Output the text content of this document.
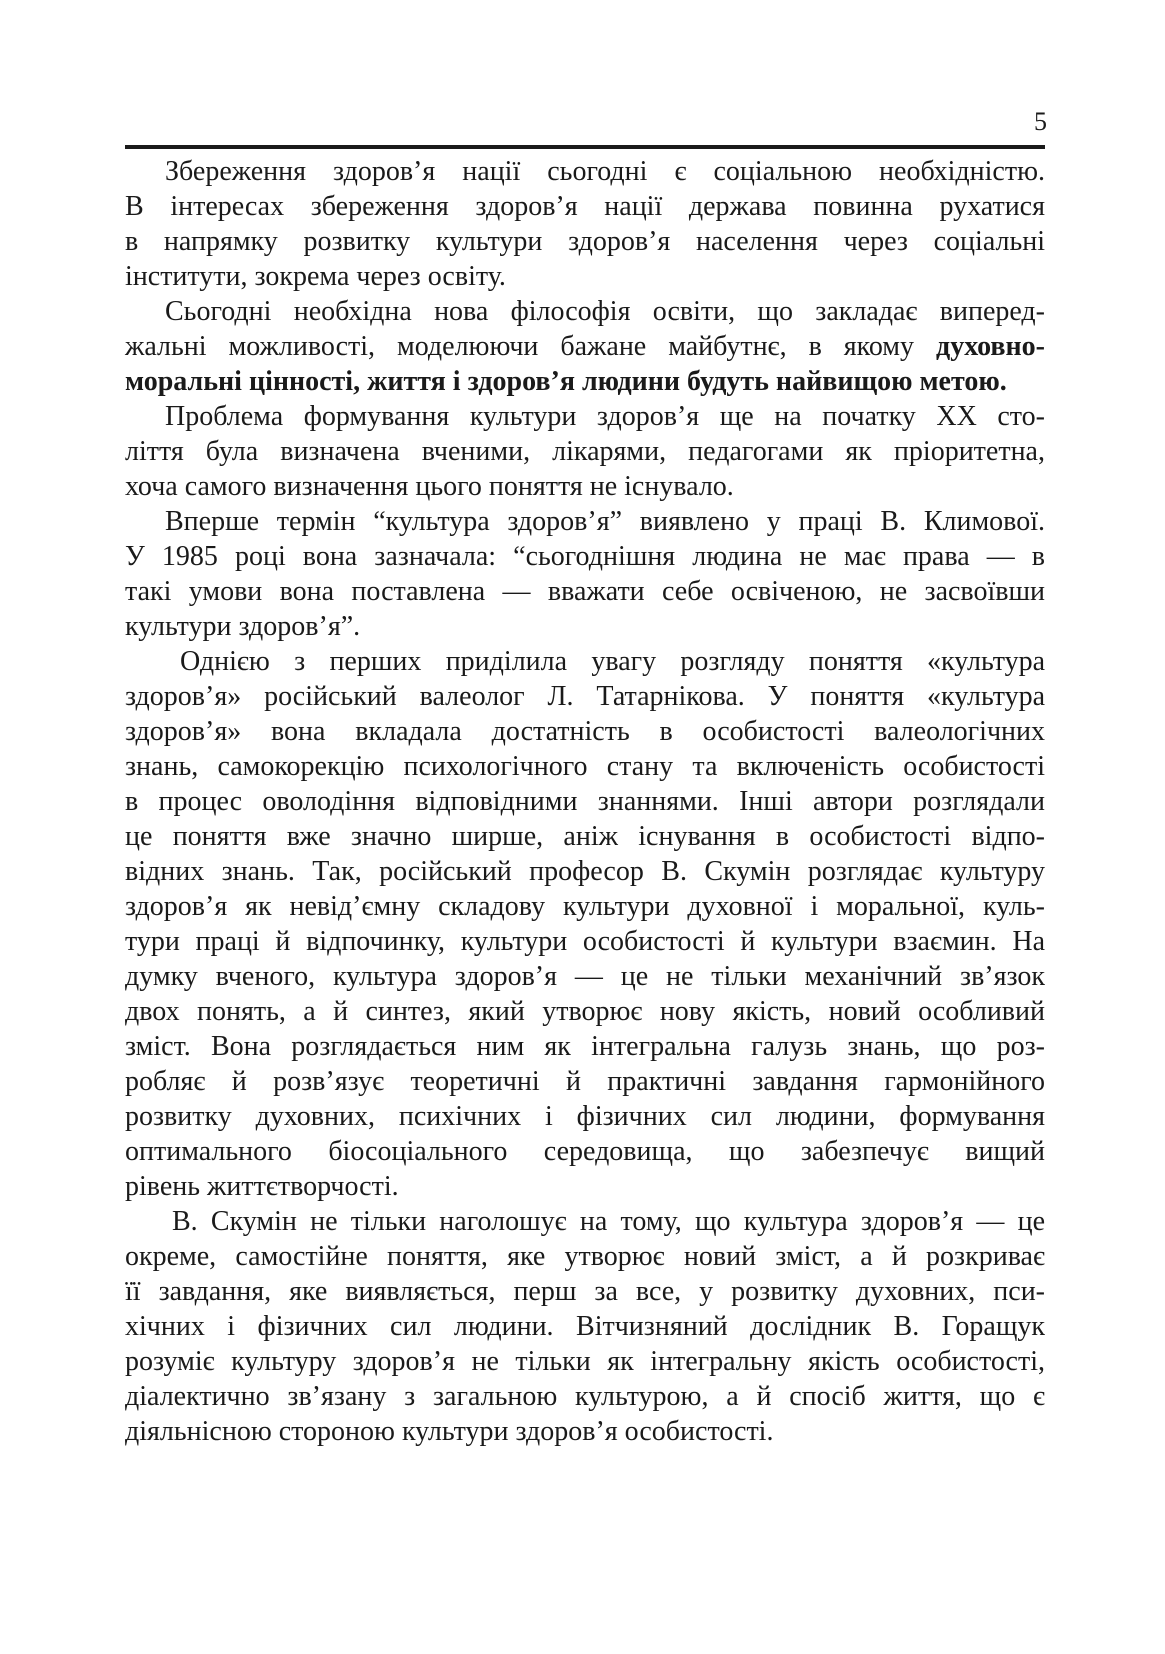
5
Збереження здоров’я нації сьогодні є соціальною необхідністю.
В інтересах збереження здоров’я нації держава повинна рухатися
в напрямку розвитку культури здоров’я населення через соціальні
інститути, зокрема через освіту.
Сьогодні необхідна нова філософія освіти, що закладає виперед-
жальні можливості, моделюючи бажане майбутнє, в якому духовно-
моральні цінності, життя і здоров’я людини будуть найвищою метою.
Проблема формування культури здоров’я ще на початку ХХ сто-
ліття була визначена вченими, лікарями, педагогами як пріоритетна,
хоча самого визначення цього поняття не існувало.
Вперше термін “культура здоров’я” виявлено у праці В. Климової.
У 1985 році вона зазначала: “сьогоднішня людина не має права — в
такі умови вона поставлена — вважати себе освіченою, не засвоївши
культури здоров’я”.
Однією з перших приділила увагу розгляду поняття «культура
здоров’я» російський валеолог Л. Татарнікова. У поняття «культура
здоров’я» вона вкладала достатність в особистості валеологічних
знань, самокорекцію психологічного стану та включеність особистості
в процес оволодіння відповідними знаннями. Інші автори розглядали
це поняття вже значно ширше, аніж існування в особистості відпо-
відних знань. Так, російський професор В. Скумін розглядає культуру
здоров’я як невід’ємну складову культури духовної і моральної, куль-
тури праці й відпочинку, культури особистості й культури взаємин. На
думку вченого, культура здоров’я — це не тільки механічний зв’язок
двох понять, а й синтез, який утворює нову якість, новий особливий
зміст. Вона розглядається ним як інтегральна галузь знань, що роз-
робляє й розв’язує теоретичні й практичні завдання гармонійного
розвитку духовних, психічних і фізичних сил людини, формування
оптимального біосоціального середовища, що забезпечує вищий
рівень життєтворчості.
В. Скумін не тільки наголошує на тому, що культура здоров’я — це
окреме, самостійне поняття, яке утворює новий зміст, а й розкриває
її завдання, яке виявляється, перш за все, у розвитку духовних, пси-
хічних і фізичних сил людини. Вітчизняний дослідник В. Горащук
розуміє культуру здоров’я не тільки як інтегральну якість особистості,
діалектично зв’язану з загальною культурою, а й спосіб життя, що є
діяльнісною стороною культури здоров’я особистості.
